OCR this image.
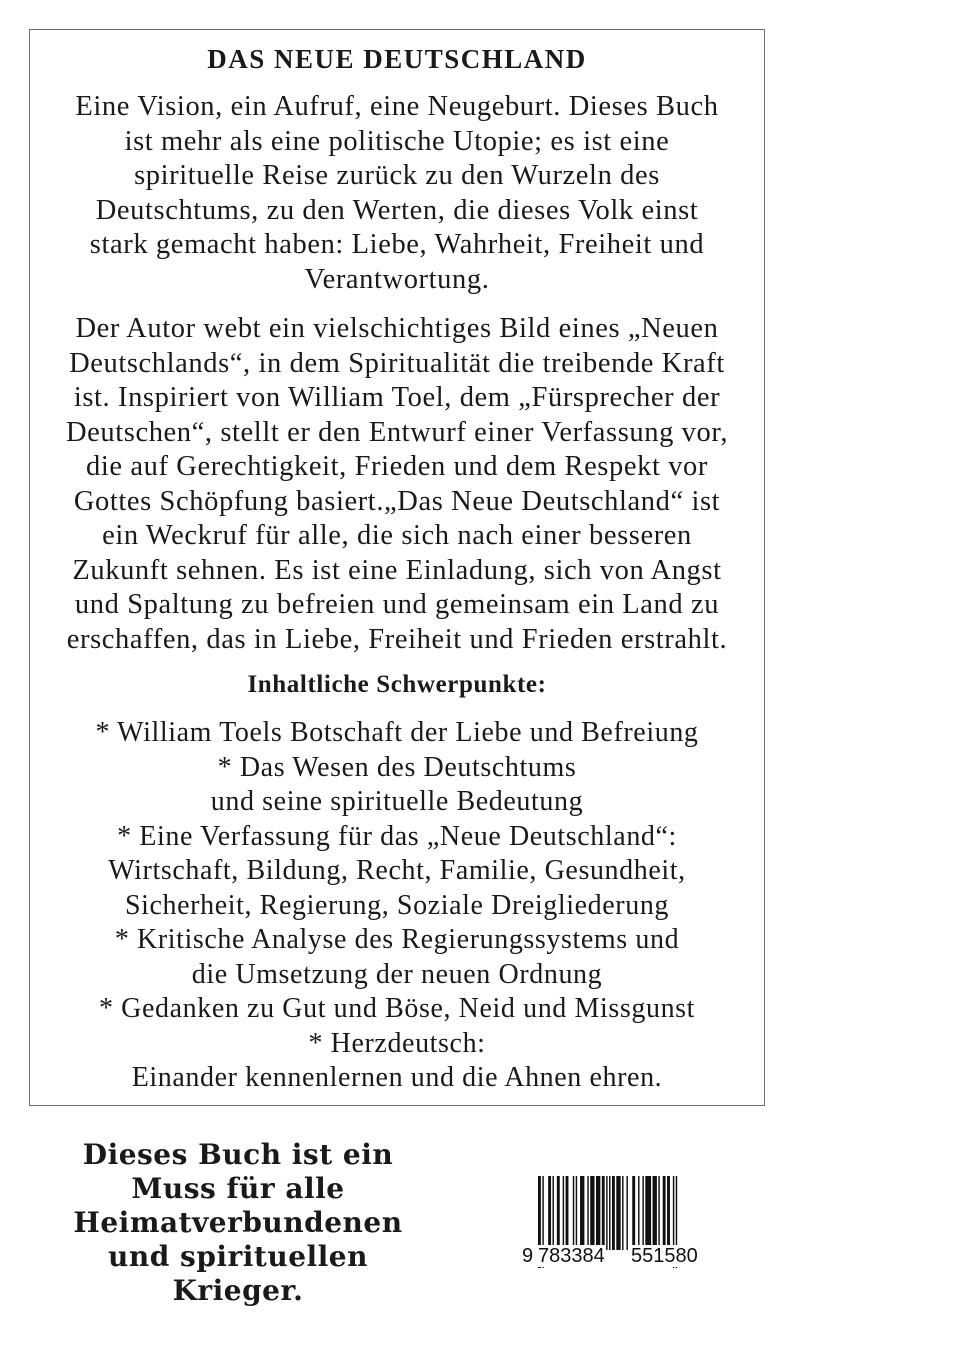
DAS NEUE DEUTSCHLAND
Eine Vision, ein Aufruf, eine Neugeburt. Dieses Buch
ist mehr als eine politische Utopie; es ist eine
spirituelle Reise zurück zu den Wurzeln des
Deutschtums, zu den Werten, die dieses Volk einst
stark gemacht haben: Liebe, Wahrheit, Freiheit und
Verantwortung.
Der Autor webt ein vielschichtiges Bild eines „Neuen
Deutschlands“, in dem Spiritualität die treibende Kraft
ist. Inspiriert von William Toel, dem „Fürsprecher der
Deutschen“, stellt er den Entwurf einer Verfassung vor,
die auf Gerechtigkeit, Frieden und dem Respekt vor
Gottes Schöpfung basiert.„Das Neue Deutschland“ ist
ein Weckruf für alle, die sich nach einer besseren
Zukunft sehnen. Es ist eine Einladung, sich von Angst
und Spaltung zu befreien und gemeinsam ein Land zu
erschaffen, das in Liebe, Freiheit und Frieden erstrahlt.
Inhaltliche Schwerpunkte:
* William Toels Botschaft der Liebe und Befreiung
* Das Wesen des Deutschtums
und seine spirituelle Bedeutung
* Eine Verfassung für das „Neue Deutschland“:
Wirtschaft, Bildung, Recht, Familie, Gesundheit,
Sicherheit, Regierung, Soziale Dreigliederung
* Kritische Analyse des Regierungssystems und
die Umsetzung der neuen Ordnung
* Gedanken zu Gut und Böse, Neid und Missgunst
* Herzdeutsch:
Einander kennenlernen und die Ahnen ehren.
Dieses Buch ist ein
Muss für alle
Heimatverbundenen
und spirituellen
Krieger.
9 783384 551580
